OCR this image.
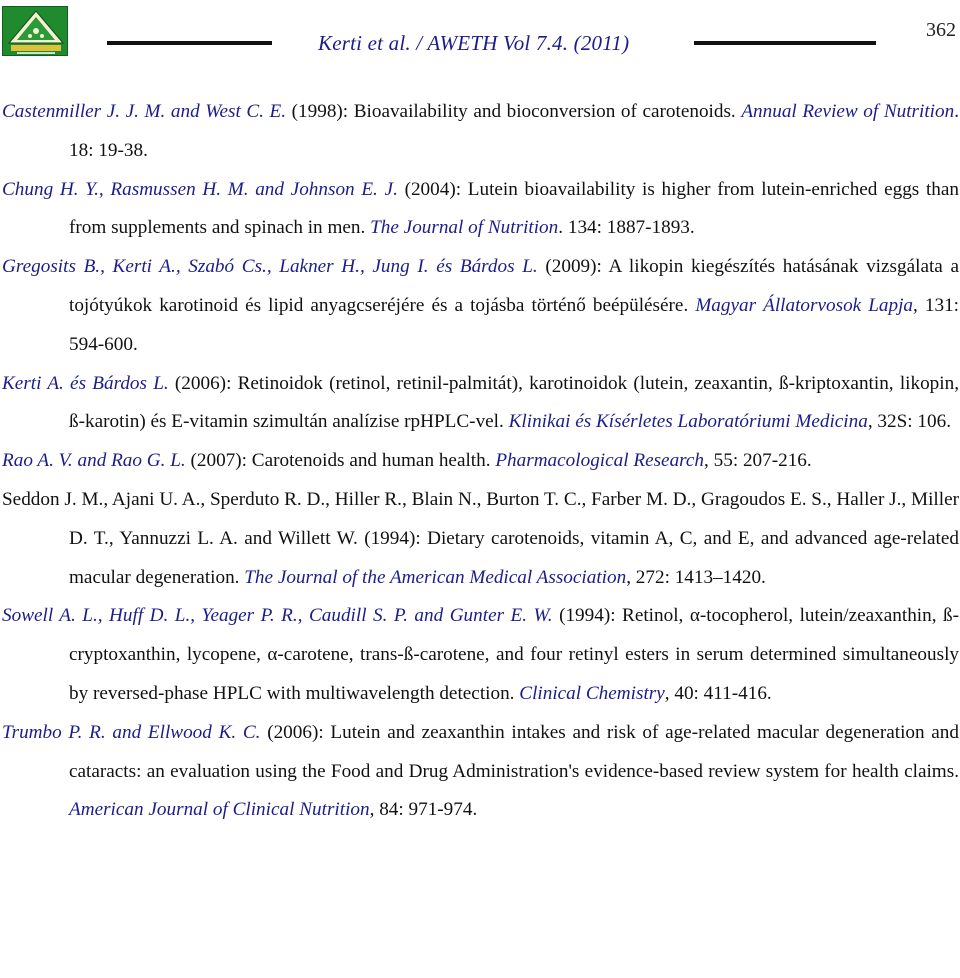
Kerti et al. / AWETH Vol 7.4. (2011)
362

Castenmiller J. J. M. and West C. E. (1998): Bioavailability and bioconversion of carotenoids. Annual Review of Nutrition. 18: 19-38.

Chung H. Y., Rasmussen H. M. and Johnson E. J. (2004): Lutein bioavailability is higher from lutein-enriched eggs than from supplements and spinach in men. The Journal of Nutrition. 134: 1887-1893.

Gregosits B., Kerti A., Szabó Cs., Lakner H., Jung I. és Bárdos L. (2009): A likopin kiegészítés hatásának vizsgálata a tojótyúkok karotinoid és lipid anyagcseréjére és a tojásba történő beépülésére. Magyar Állatorvosok Lapja, 131: 594-600.

Kerti A. és Bárdos L. (2006): Retinoidok (retinol, retinil-palmitát), karotinoidok (lutein, zeaxantin, ß-kriptoxantin, likopin, ß-karotin) és E-vitamin szimultán analízise rpHPLC-vel. Klinikai és Kísérletes Laboratóriumi Medicina, 32S: 106.

Rao A. V. and Rao G. L. (2007): Carotenoids and human health. Pharmacological Research, 55: 207-216.

Seddon J. M., Ajani U. A., Sperduto R. D., Hiller R., Blain N., Burton T. C., Farber M. D., Gragoudos E. S., Haller J., Miller D. T., Yannuzzi L. A. and Willett W. (1994): Dietary carotenoids, vitamin A, C, and E, and advanced age-related macular degeneration. The Journal of the American Medical Association, 272: 1413–1420.

Sowell A. L., Huff D. L., Yeager P. R., Caudill S. P. and Gunter E. W. (1994): Retinol, α-tocopherol, lutein/zeaxanthin, ß-cryptoxanthin, lycopene, α-carotene, trans-ß-carotene, and four retinyl esters in serum determined simultaneously by reversed-phase HPLC with multiwavelength detection. Clinical Chemistry, 40: 411-416.

Trumbo P. R. and Ellwood K. C. (2006): Lutein and zeaxanthin intakes and risk of age-related macular degeneration and cataracts: an evaluation using the Food and Drug Administration's evidence-based review system for health claims. American Journal of Clinical Nutrition, 84: 971-974.
